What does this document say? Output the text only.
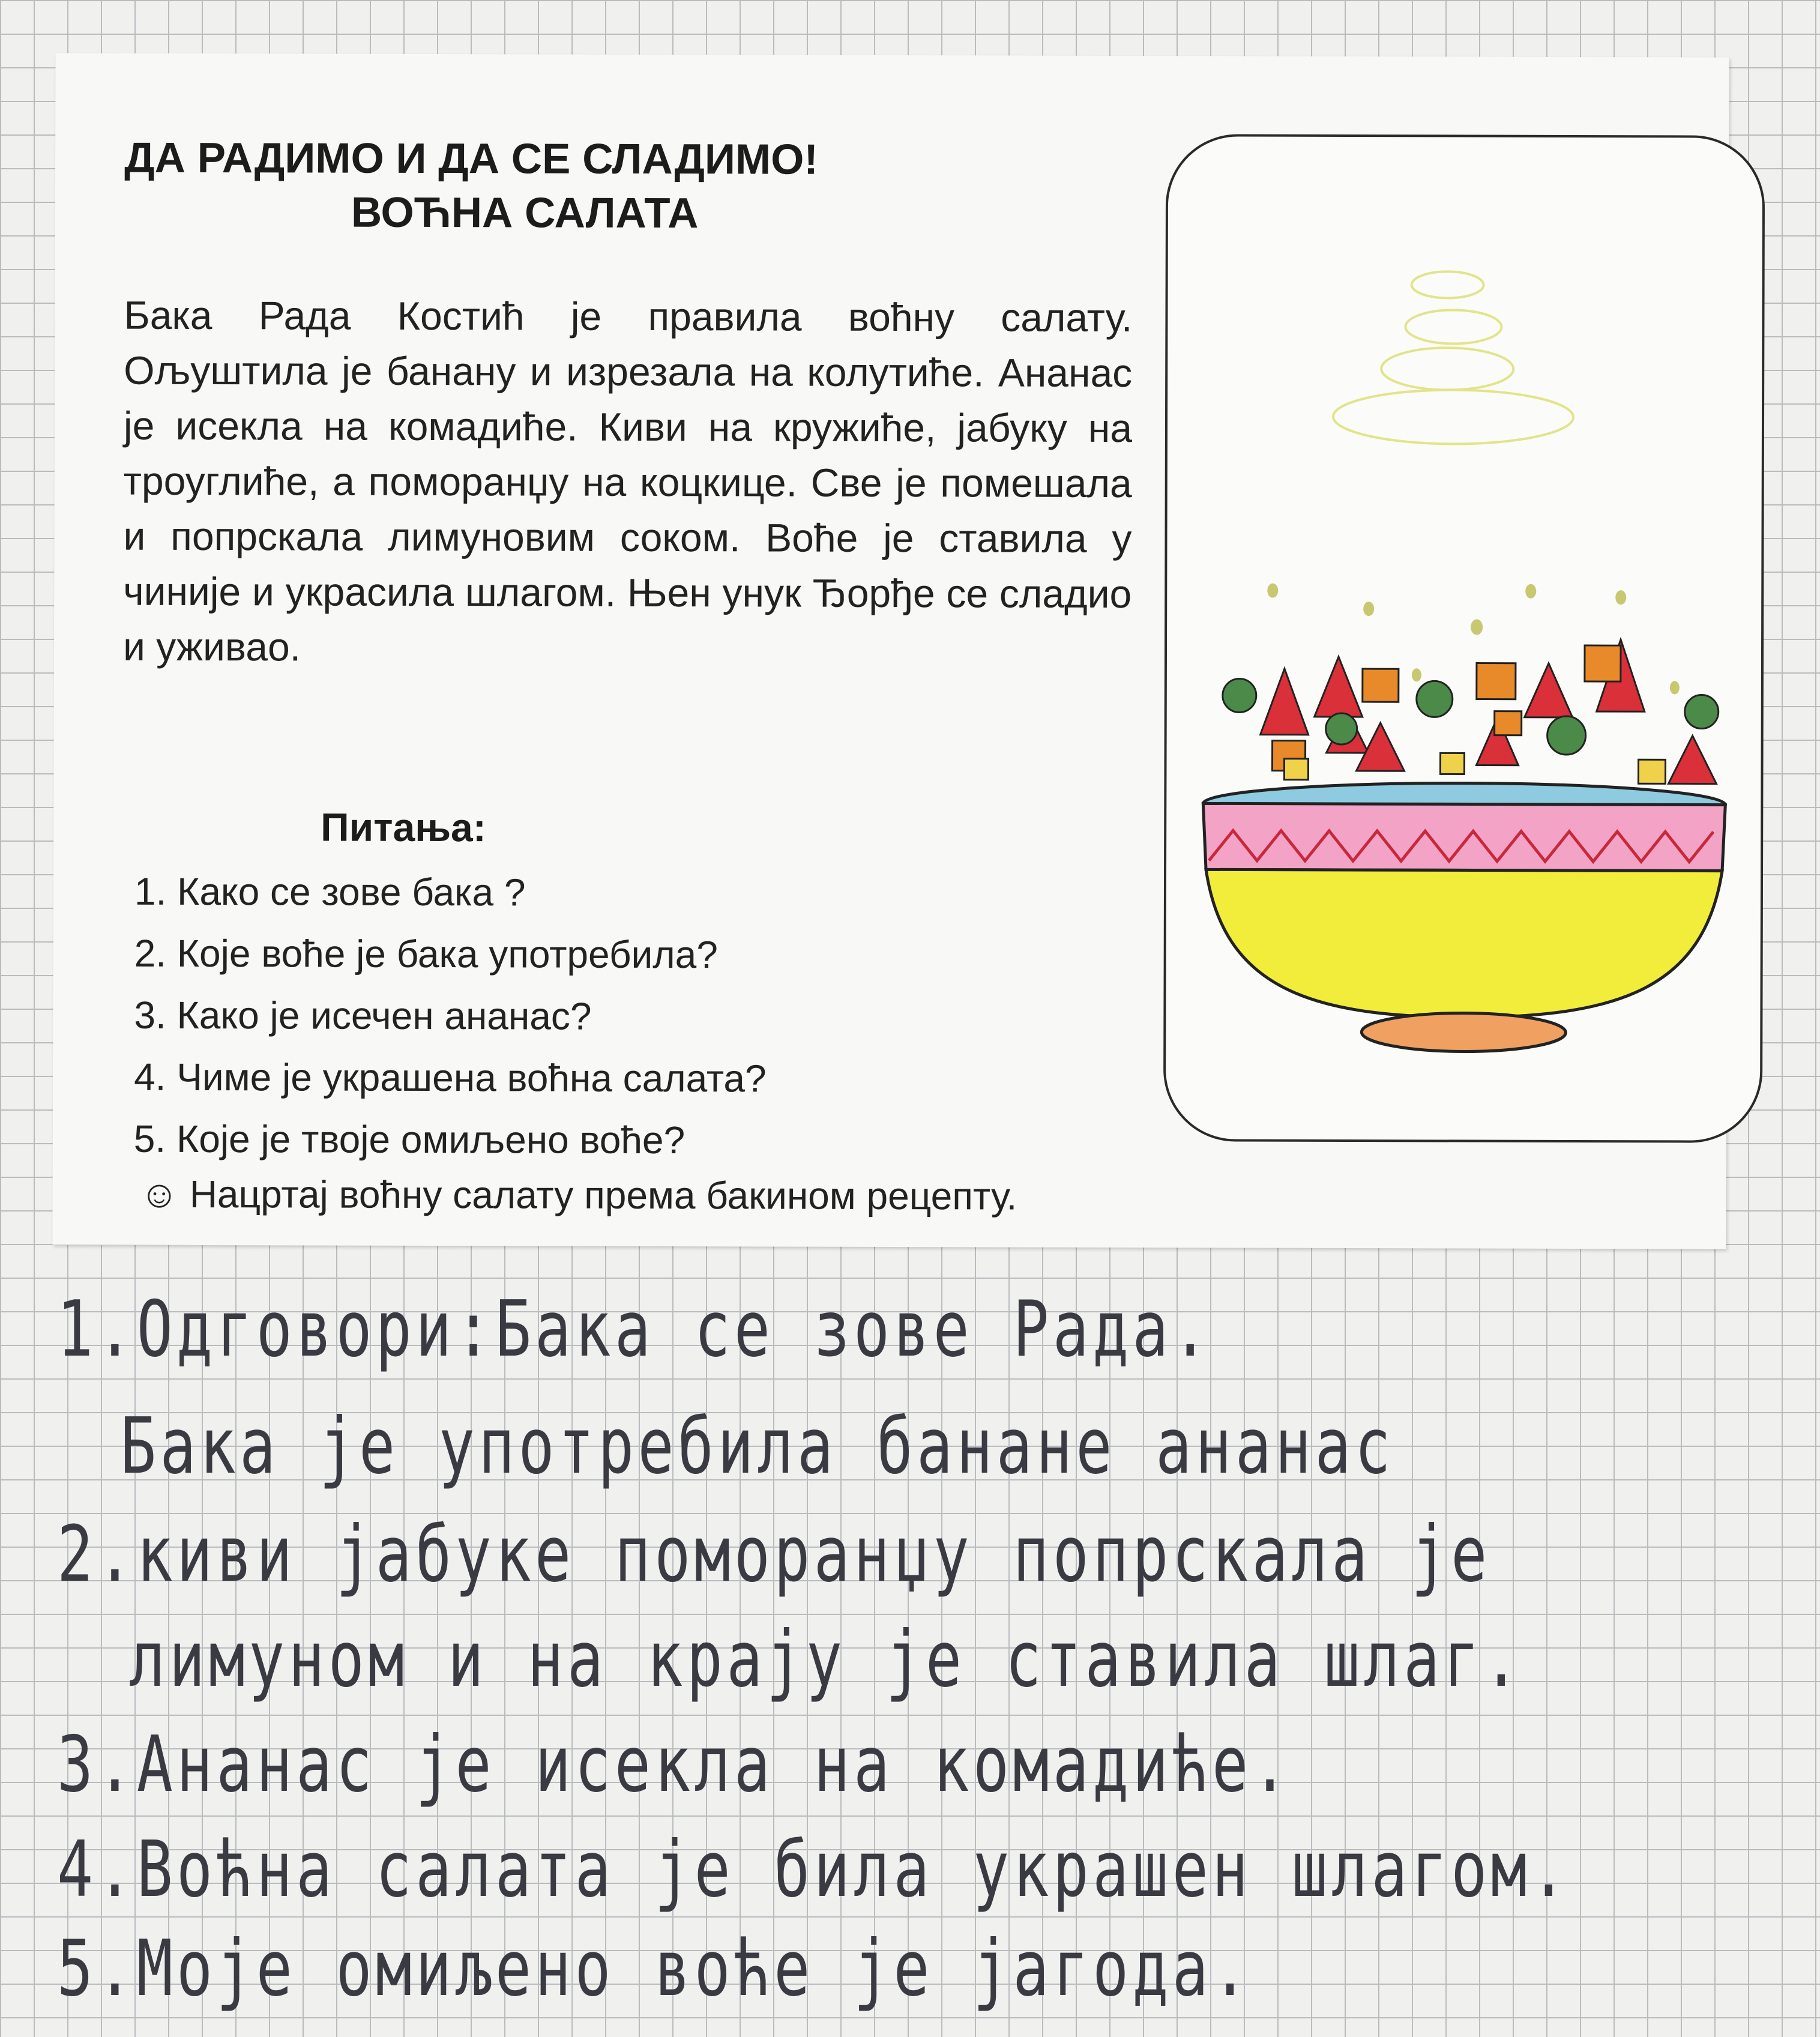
ДА РАДИМО И ДА СЕ СЛАДИМО!
ВОЋНА САЛАТА
Бака Рада Костић је правила воћну салату. Ољуштила је банану и изрезала на колутиће. Ананас је исекла на комадиће. Киви на кружиће, јабуку на троуглиће, а поморанџу на коцкице. Све је помешала и попрскала лимуновим соком. Воће је ставила у чиније и украсила шлагом. Њен унук Ђорђе се сладио и уживао.
Питања:
1. Како се зове бака ?
2. Које воће је бака употребила?
3. Како је исечен ананас?
4. Чиме је украшена воћна салата?
5. Које је твоје омиљено воће?
☺ Нацртај воћну салату према бакином рецепту.
1.Одговори:Бака се зове Рада.
Бака је употребила банане ананас
2.киви јабуке поморанџу попрскала је
лимуном и на крају је ставила шлаг.
3.Ананас је исекла на комадиће.
4.Воћна салата је била украшен шлагом.
5.Моје омиљено воће је јагода.
